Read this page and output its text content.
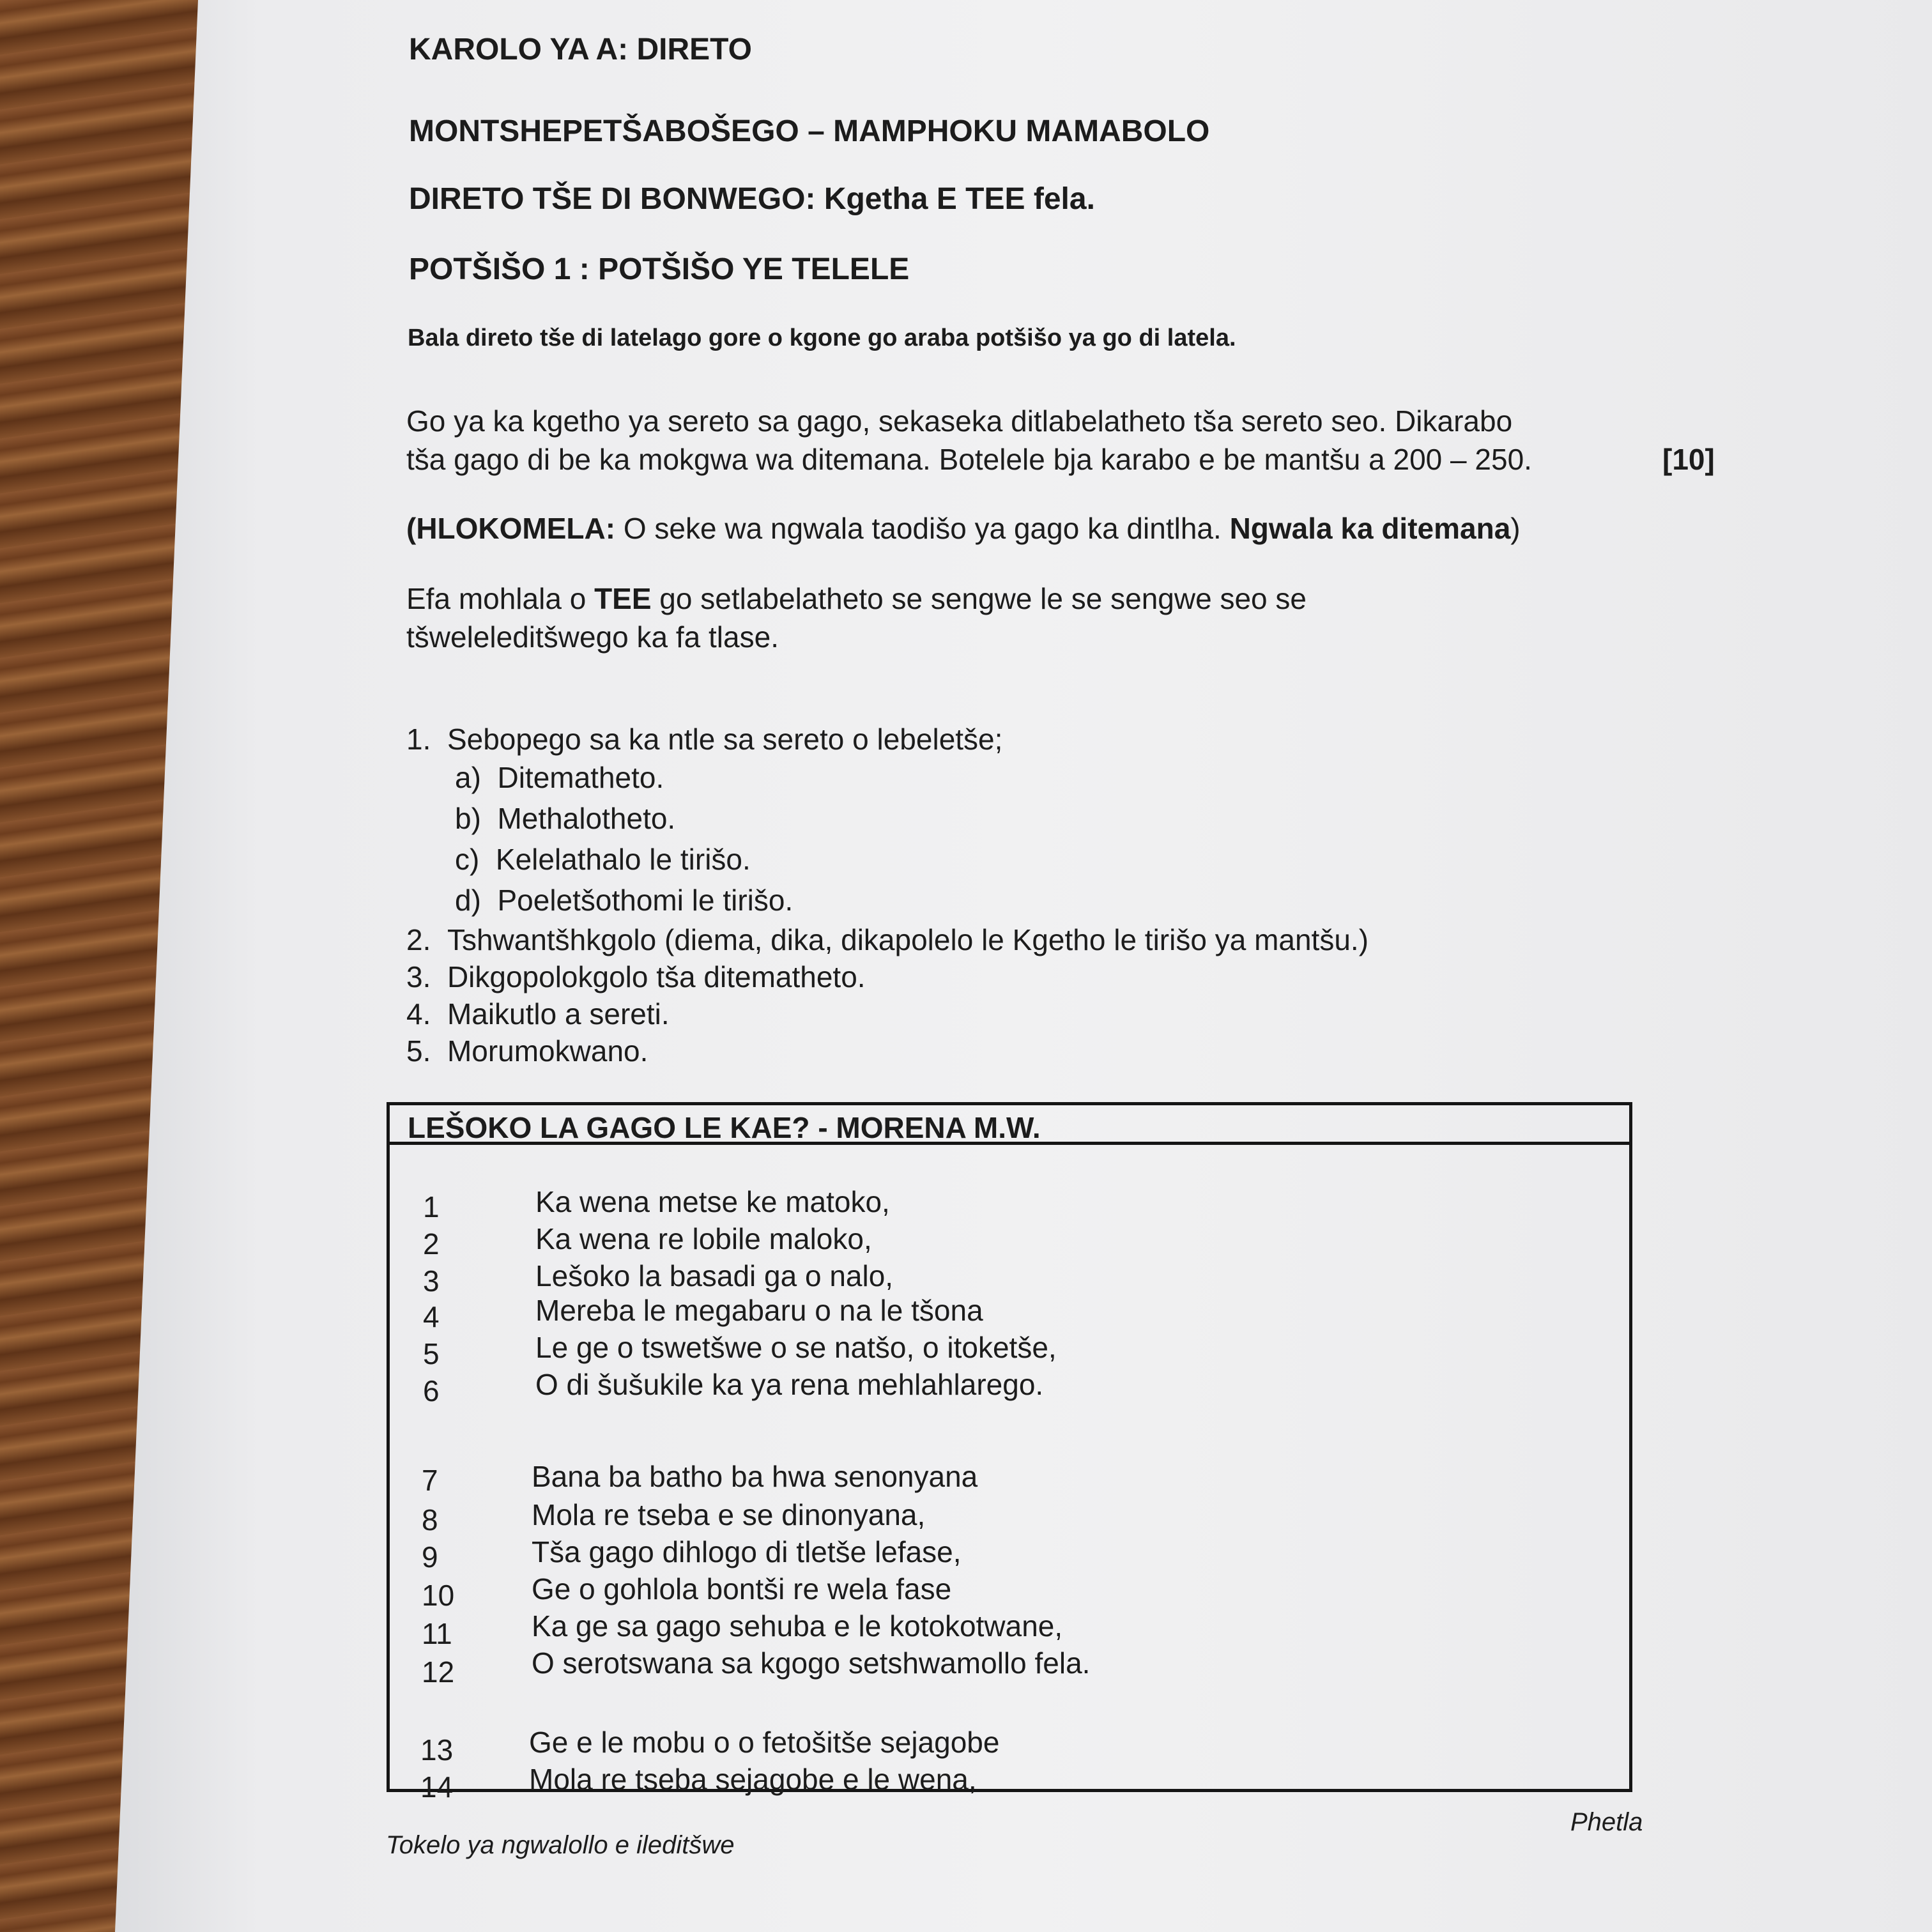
KAROLO YA A: DIRETO
MONTSHEPETŠABOŠEGO – MAMPHOKU MAMABOLO
DIRETO TŠE DI BONWEGO: Kgetha E TEE fela.
POTŠIŠO 1 : POTŠIŠO YE TELELE
Bala direto tše di latelago gore o kgone go araba potšišo ya go di latela.
Go ya ka kgetho ya sereto sa gago, sekaseka ditlabelatheto tša sereto seo. Dikarabo
tša gago di be ka mokgwa wa ditemana. Botelele bja karabo e be mantšu a 200 – 250.	[10]
(HLOKOMELA: O seke wa ngwala taodišo ya gago ka dintlha. Ngwala ka ditemana)
Efa mohlala o TEE go setlabelatheto se sengwe le se sengwe seo se
tšweleleditšwego ka fa tlase.
1. Sebopego sa ka ntle sa sereto o lebeletše;
a) Ditematheto.
b) Methalotheto.
c) Kelelathalo le tirišo.
d) Poeletšothomi le tirišo.
2. Tshwantšhkgolo (diema, dika, dikapolelo le Kgetho le tirišo ya mantšu.)
3. Dikgopolokgolo tša ditematheto.
4. Maikutlo a sereti.
5. Morumokwano.
LEŠOKO LA GAGO LE KAE? - MORENA M.W.
1	Ka wena metse ke matoko,
2	Ka wena re lobile maloko,
3	Lešoko la basadi ga o nalo,
4	Mereba le megabaru o na le tšona
5	Le ge o tswetšwe o se natšo, o itoketše,
6	O di šušukile ka ya rena mehlahlarego.
7	Bana ba batho ba hwa senonyana
8	Mola re tseba e se dinonyana,
9	Tša gago dihlogo di tletše lefase,
10	Ge o gohlola bontši re wela fase
11	Ka ge sa gago sehuba e le kotokotwane,
12	O serotswana sa kgogo setshwamollo fela.
13	Ge e le mobu o o fetošitše sejagobe
14	Mola re tseba sejagobe e le wena,
Tokelo ya ngwalollo e ileditšwe
Phetla
